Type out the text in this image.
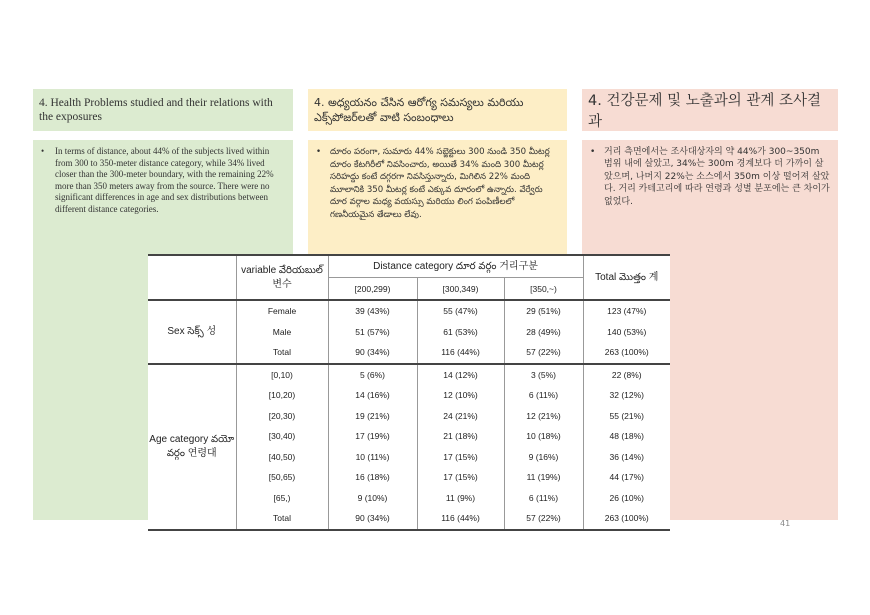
4. Health Problems studied and their relations with the exposures
4. అధ్యయనం చేసిన ఆరోగ్య సమస్యలు మరియు ఎక్స్‌పోజర్‌లతో వాటి సంబంధాలు
4. 건강문제 및 노출과의 관계 조사결과
•	In terms of distance, about 44% of the subjects lived within from 300 to 350-meter distance category, while 34% lived closer than the 300-meter boundary, with the remaining 22% more than 350 meters away from the source. There were no significant differences in age and sex distributions between different distance categories.
•	దూరం పరంగా, సుమారు 44% సబ్జెక్టులు 300 నుండి 350 మీటర్ల దూరం కేటగిరీలో నివసించారు, అయితే 34% మంది 300 మీటర్ల సరిహద్దు కంటే దగ్గరగా నివసిస్తున్నారు, మిగిలిన 22% మంది మూలానికి 350 మీటర్ల కంటే ఎక్కువ దూరంలో ఉన్నారు. వేర్వేరు దూర వర్గాల మధ్య వయస్సు మరియు లింగ పంపిణీలలో గణనీయమైన తేడాలు లేవు.
• 거리 측면에서는 조사대상자의 약 44%가 300~350m 범위 내에 살았고, 34%는 300m 경계보다 더 가까이 살았으며, 나머지 22%는 소스에서 350m 이상 떨어져 살았다. 거리 카테고리에 따라 연령과 성별 분포에는 큰 차이가 없었다.

	variable వేరియబుల్
변수	Distance category దూర వర్గం 거리구분			Total మొత్తం 계
		[200,299)	[300,349)	[350,~)	
Sex సెక్స్ 성	Female	39 (43%)	55 (47%)	29 (51%)	123 (47%)
	Male	51 (57%)	61 (53%)	28 (49%)	140 (53%)
	Total	90 (34%)	116 (44%)	57 (22%)	263 (100%)

Age category వయో
వర్గం 연령대	[0,10)	5 (6%)	14 (12%)	3 (5%)	22 (8%)
	[10,20)	14 (16%)	12 (10%)	6 (11%)	32 (12%)
	[20,30)	19 (21%)	24 (21%)	12 (21%)	55 (21%)
	[30,40)	17 (19%)	21 (18%)	10 (18%)	48 (18%)
	[40,50)	10 (11%)	17 (15%)	9 (16%)	36 (14%)
	[50,65)	16 (18%)	17 (15%)	11 (19%)	44 (17%)
	[65,)	9 (10%)	11 (9%)	6 (11%)	26 (10%)
	Total	90 (34%)	116 (44%)	57 (22%)	263 (100%)
41
